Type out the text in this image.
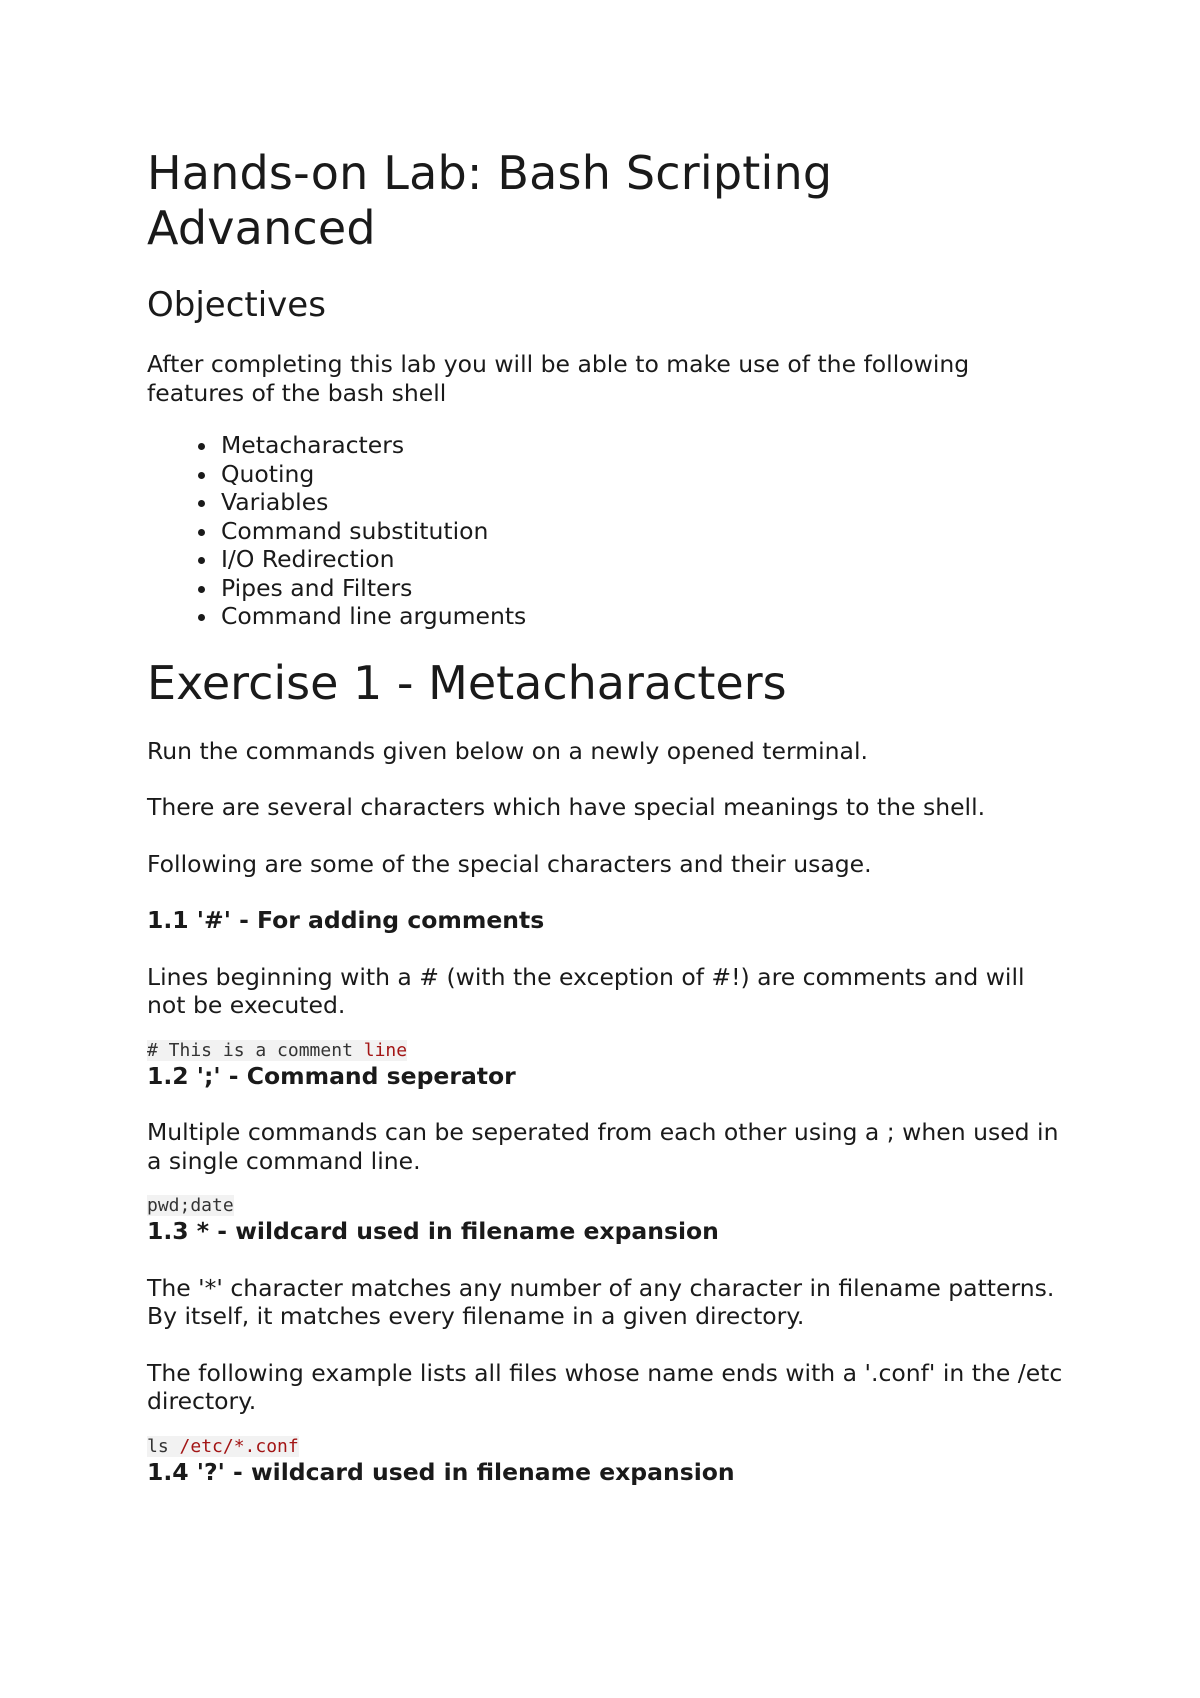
Hands-on Lab: Bash Scripting Advanced
Objectives

After completing this lab you will be able to make use of the following features of the bash shell

• Metacharacters
• Quoting
• Variables
• Command substitution
• I/O Redirection
• Pipes and Filters
• Command line arguments
Exercise 1 - Metacharacters

Run the commands given below on a newly opened terminal.

There are several characters which have special meanings to the shell.

Following are some of the special characters and their usage.

1.1 '#' - For adding comments

Lines beginning with a # (with the exception of #!) are comments and will not be executed.

# This is a comment line
1.2 ';' - Command seperator

Multiple commands can be seperated from each other using a ; when used in a single command line.

pwd;date
1.3 * - wildcard used in filename expansion

The '*' character matches any number of any character in filename patterns. By itself, it matches every filename in a given directory.

The following example lists all files whose name ends with a '.conf' in the /etc directory.

ls /etc/*.conf
1.4 '?' - wildcard used in filename expansion
